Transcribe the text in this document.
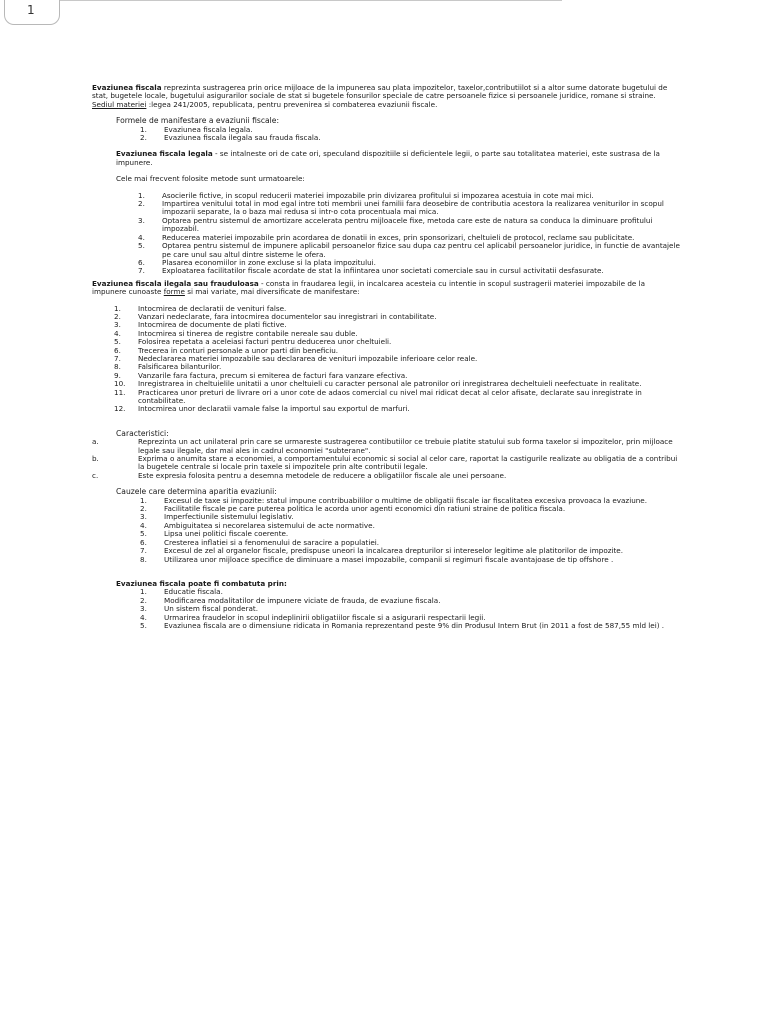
1

Evaziunea fiscala reprezinta sustragerea prin orice mijloace de la impunerea sau plata impozitelor, taxelor,contributiilot si a altor sume datorate bugetului de stat, bugetele locale, bugetului asigurarilor sociale de stat si bugetele fonsurilor speciale de catre persoanele fizice si persoanele juridice, romane si straine.

Sediul materiei :legea 241/2005, republicata, pentru prevenirea si combaterea evaziunii fiscale.

Formele de manifestare a evaziunii fiscale:

1.	Evaziunea fiscala legala.
2.	Evaziunea fiscala ilegala sau frauda fiscala.

Evaziunea fiscala legala - se intalneste ori de cate ori, speculand dispozitiile si deficientele legii, o parte sau totalitatea materiei, este sustrasa de la impunere.

Cele mai frecvent folosite metode sunt urmatoarele:

1.	Asocierile fictive, in scopul reducerii materiei impozabile prin divizarea profitului si impozarea acestuia in cote mai mici.
2.	Impartirea venitului total in mod egal intre toti membrii unei familii fara deosebire de contributia acestora la realizarea veniturilor in scopul impozarii separate, la o baza mai redusa si intr-o cota procentuala mai mica.
3.	Optarea pentru sistemul de amortizare accelerata pentru mijloacele fixe, metoda care este de natura sa conduca la diminuare profitului impozabil.
4.	Reducerea materiei impozabile prin acordarea de donatii in exces, prin sponsorizari, cheltuieli de protocol, reclame sau publicitate.
5.	Optarea pentru sistemul de impunere aplicabil persoanelor fizice sau dupa caz pentru cel aplicabil persoanelor juridice, in functie de avantajele pe care unul sau altul dintre sisteme le ofera.
6.	Plasarea economiilor in zone excluse si la plata impozitului.
7.	Exploatarea facilitatilor fiscale acordate de stat la infiintarea unor societati comerciale sau in cursul activitatii desfasurate.

Evaziunea fiscala ilegala sau frauduloasa - consta in fraudarea legii, in incalcarea acesteia cu intentie in scopul sustragerii materiei impozabile de la impunere cunoaste forme si mai variate, mai diversificate de manifestare:

1.	Intocmirea de declaratii de venituri false.
2.	Vanzari nedeclarate, fara intocmirea documentelor sau inregistrari in contabilitate.
3.	Intocmirea de documente de plati fictive.
4.	Intocmirea si tinerea de registre contabile nereale sau duble.
5.	Folosirea repetata a aceleiasi facturi pentru deducerea unor cheltuieli.
6.	Trecerea in conturi personale a unor parti din beneficiu.
7.	Nedeclararea materiei impozabile sau declararea de venituri impozabile inferioare celor reale.
8.	Falsificarea bilanturilor.
9.	Vanzarile fara factura, precum si emiterea de facturi fara vanzare efectiva.
10.	Inregistrarea in cheltuielile unitatii a unor cheltuieli cu caracter personal ale patronilor ori inregistrarea decheltuieli neefectuate in realitate.
11.	Practicarea unor preturi de livrare ori a unor cote de adaos comercial cu nivel mai ridicat decat al celor afisate, declarate sau inregistrate in contabilitate.
12.	Intocmirea unor declaratii vamale false la importul sau exportul de marfuri.

Caracteristici:

a.	Reprezinta un act unilateral prin care se urmareste sustragerea contibutiilor ce trebuie platite statului sub forma taxelor si impozitelor, prin mijloace legale sau ilegale, dar mai ales in cadrul economiei "subterane".
b.	Exprima o anumita stare a economiei, a comportamentului economic si social al celor care, raportat la castigurile realizate au obligatia de a contribui la bugetele centrale si locale prin taxele si impozitele prin alte contributii legale.
c.	Este expresia folosita pentru a desemna metodele de reducere a obligatiilor fiscale ale unei persoane.

Cauzele care determina aparitia evaziunii:

1.	Excesul de taxe si impozite: statul impune contribuabililor o multime de obligatii fiscale iar fiscalitatea excesiva provoaca la evaziune.
2.	Facilitatile fiscale pe care puterea politica le acorda unor agenti economici din ratiuni straine de politica fiscala.
3.	Imperfectiunile sistemului legislativ.
4.	Ambiguitatea si necorelarea sistemului de acte normative.
5.	Lipsa unei politici fiscale coerente.
6.	Cresterea inflatiei si a fenomenului de saracire a populatiei.
7.	Excesul de zel al organelor fiscale, predispuse uneori la incalcarea drepturilor si intereselor legitime ale platitorilor de impozite.
8.	Utilizarea unor mijloace specifice de diminuare a masei impozabile, companii si regimuri fiscale avantajoase de tip offshore .

Evaziunea fiscala poate fi combatuta prin:

1.	Educatie fiscala.
2.	Modificarea modalitatilor de impunere viciate de frauda, de evaziune fiscala.
3.	Un sistem fiscal ponderat.
4.	Urmarirea fraudelor in scopul indeplinirii obligatiilor fiscale si a asigurarii respectarii legii.
5.	Evaziunea fiscala are o dimensiune ridicata in Romania reprezentand peste 9% din Produsul Intern Brut (in 2011 a fost de 587,55 mld lei) .
